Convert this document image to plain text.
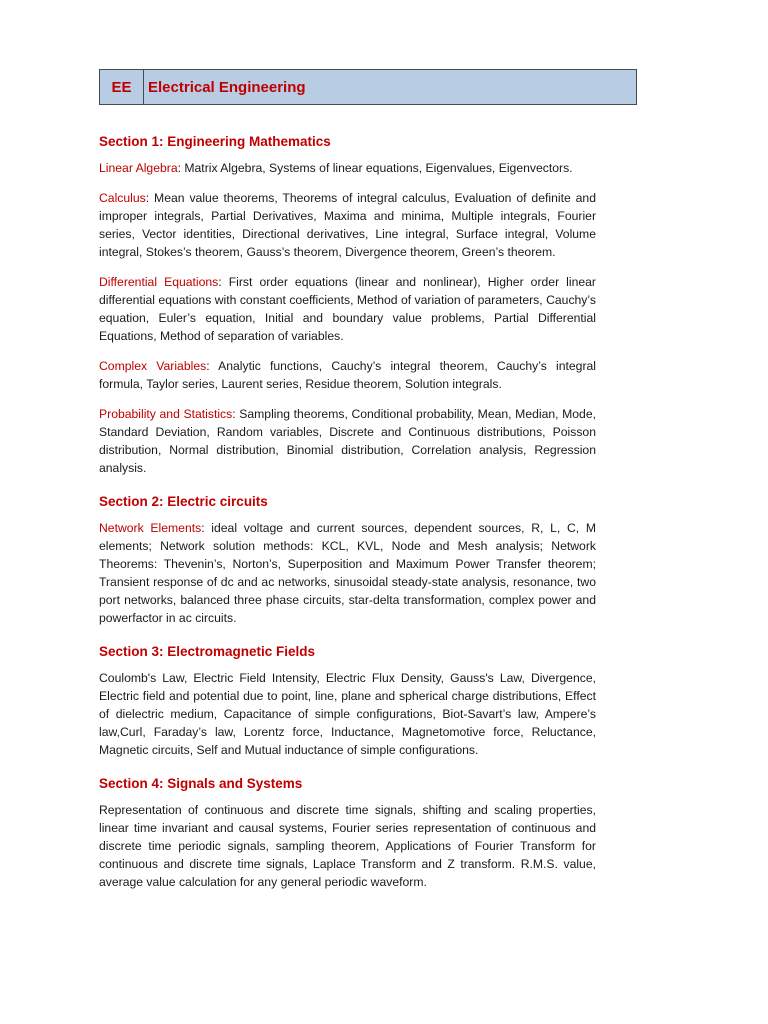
EE	Electrical Engineering
Section 1: Engineering Mathematics

Linear Algebra: Matrix Algebra, Systems of linear equations, Eigenvalues, Eigenvectors.

Calculus: Mean value theorems, Theorems of integral calculus, Evaluation of definite and improper integrals, Partial Derivatives, Maxima and minima, Multiple integrals, Fourier series, Vector identities, Directional derivatives, Line integral, Surface integral, Volume integral, Stokes’s theorem, Gauss’s theorem, Divergence theorem, Green’s theorem.

Differential Equations: First order equations (linear and nonlinear), Higher order linear differential equations with constant coefficients, Method of variation of parameters, Cauchy’s equation, Euler’s equation, Initial and boundary value problems, Partial Differential Equations, Method of separation of variables.

Complex Variables: Analytic functions, Cauchy’s integral theorem, Cauchy’s integral formula, Taylor series, Laurent series, Residue theorem, Solution integrals.

Probability and Statistics: Sampling theorems, Conditional probability, Mean, Median, Mode, Standard Deviation, Random variables, Discrete and Continuous distributions, Poisson distribution, Normal distribution, Binomial distribution, Correlation analysis, Regression analysis.

Section 2: Electric circuits

Network Elements: ideal voltage and current sources, dependent sources, R, L, C, M elements; Network solution methods: KCL, KVL, Node and Mesh analysis; Network Theorems: Thevenin’s, Norton’s, Superposition and Maximum Power Transfer theorem; Transient response of dc and ac networks, sinusoidal steady-state analysis, resonance, two port networks, balanced three phase circuits, star-delta transformation, complex power and powerfactor in ac circuits.

Section 3: Electromagnetic Fields

Coulomb's Law, Electric Field Intensity, Electric Flux Density, Gauss's Law, Divergence, Electric field and potential due to point, line, plane and spherical charge distributions, Effect of dielectric medium, Capacitance of simple configurations, Biot-Savart’s law, Ampere’s law,Curl, Faraday’s law, Lorentz force, Inductance, Magnetomotive force, Reluctance, Magnetic circuits, Self and Mutual inductance of simple configurations.

Section 4: Signals and Systems

Representation of continuous and discrete time signals, shifting and scaling properties, linear time invariant and causal systems, Fourier series representation of continuous and discrete time periodic signals, sampling theorem, Applications of Fourier Transform for continuous and discrete time signals, Laplace Transform and Z transform. R.M.S. value, average value calculation for any general periodic waveform.
